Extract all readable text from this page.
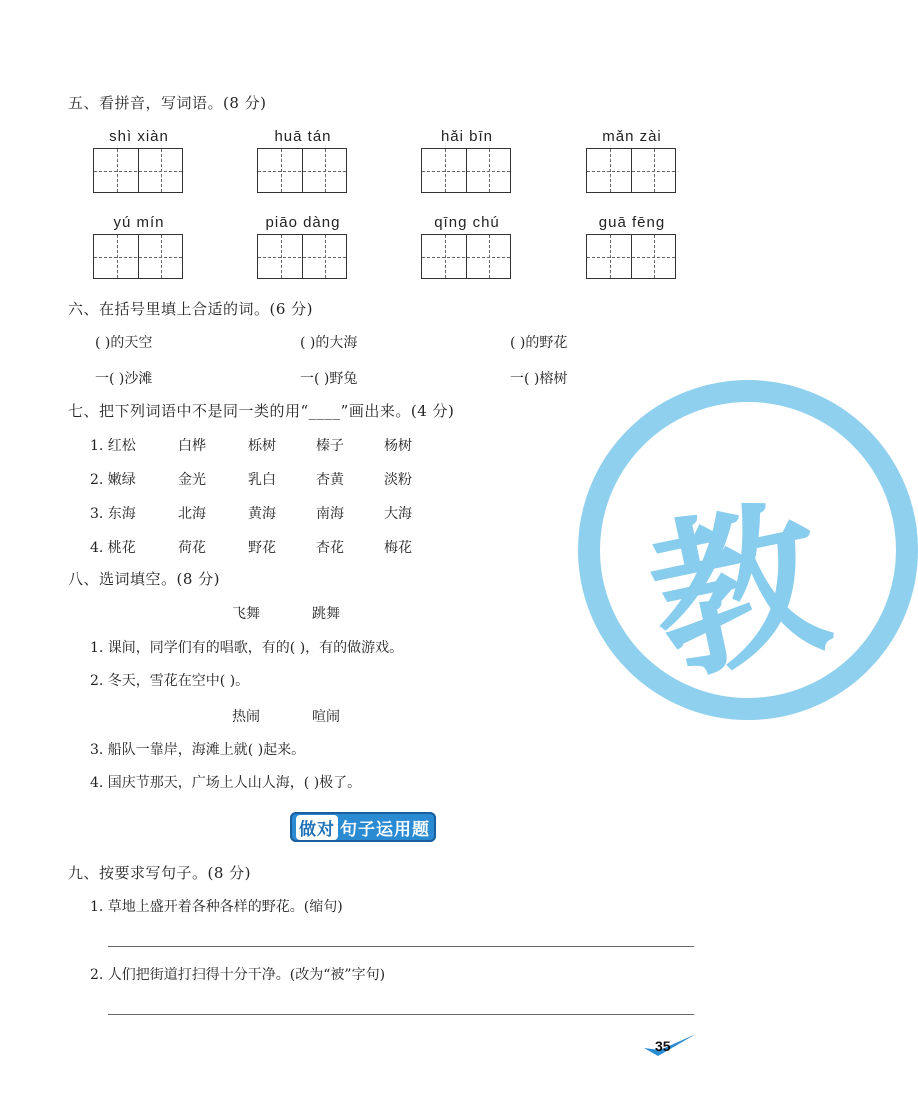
教
五、看拼音，写词语。(8 分)
shì xiàn	huā tán	hǎi bīn	mǎn zài
yú mín	piāo dàng	qīng chú	guā fēng
六、在括号里填上合适的词。(6 分)
( )的天空	( )的大海	( )的野花
一( )沙滩	一( )野兔	一( )榕树
七、把下列词语中不是同一类的用“____”画出来。(4 分)
1. 红松	白桦	栎树	榛子	杨树
2. 嫩绿	金光	乳白	杏黄	淡粉
3. 东海	北海	黄海	南海	大海
4. 桃花	荷花	野花	杏花	梅花
八、选词填空。(8 分)
飞舞	跳舞
1. 课间，同学们有的唱歌，有的( )，有的做游戏。
2. 冬天，雪花在空中( )。
热闹	喧闹
3. 船队一靠岸，海滩上就( )起来。
4. 国庆节那天，广场上人山人海，( )极了。
做对 句子运用题
九、按要求写句子。(8 分)
1. 草地上盛开着各种各样的野花。(缩句)
2. 人们把街道打扫得十分干净。(改为“被”字句)
35
